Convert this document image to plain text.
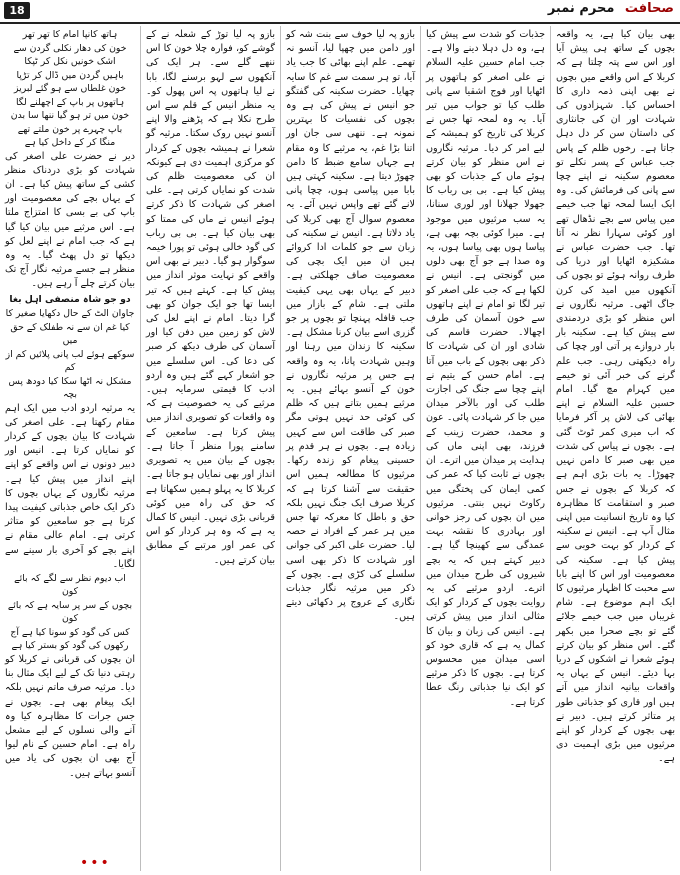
18	صحافت محرم نمبر

بھی بیان کیا ہے، یہ واقعہ بچوں کے ساتھ ہی پیش آیا اور اس سے پتہ چلتا ہے کہ کربلا کے اس واقعے میں بچوں نے بھی اپنی ذمہ داری کا احساس کیا۔ شہزادوں کی شہادت اور ان کی جانثاری کی داستان سن کر دل دہل جاتا ہے۔ رخوں ظلم کے پاس جب عباس کے پسر نکلے تو معصوم سکینہ نے اپنے چچا سے پانی کی فرمائش کی۔ وہ ایک ایسا لمحہ تھا جب خیمے میں پیاس سے بچے نڈھال تھے اور کوئی سہارا نظر نہ آتا تھا۔ جب حضرت عباس نے مشکیزہ اٹھایا اور دریا کی طرف روانہ ہوئے تو بچوں کی آنکھوں میں امید کی کرن جاگ اٹھی۔ مرثیہ نگاروں نے اس منظر کو بڑی دردمندی سے پیش کیا ہے۔ سکینہ بار بار دروازے پر آتی اور چچا کی راہ دیکھتی رہی۔ جب علم گرنے کی خبر آئی تو خیمے میں کہرام مچ گیا۔ امام حسین علیہ السلام نے اپنے بھائی کی لاش پر آکر فرمایا کہ اب میری کمر ٹوٹ گئی ہے۔ بچوں نے پیاس کی شدت میں بھی صبر کا دامن نہیں چھوڑا۔ یہ بات بڑی اہم ہے کہ کربلا کے بچوں نے جس صبر و استقامت کا مظاہرہ کیا وہ تاریخ انسانیت میں اپنی مثال آپ ہے۔ انیس نے سکینہ کے کردار کو بہت خوبی سے پیش کیا ہے۔ سکینہ کی معصومیت اور اس کا اپنے بابا سے محبت کا اظہار مرثیوں کا ایک اہم موضوع ہے۔ شام غریباں میں جب خیمے جلائے گئے تو بچے صحرا میں بکھر گئے۔ اس منظر کو بیان کرتے ہوئے شعرا نے اشکوں کے دریا بہا دیئے۔ انیس کے یہاں یہ واقعات بیانیہ انداز میں آتے ہیں اور قاری کو جذباتی طور پر متاثر کرتے ہیں۔ دبیر نے بھی بچوں کے کردار کو اپنے مرثیوں میں بڑی اہمیت دی ہے۔

جذبات کو شدت سے پیش کیا ہے، وہ دل دہلا دینے والا ہے۔ جب امام حسین علیہ السلام نے علی اصغر کو ہاتھوں پر اٹھایا اور فوج اشقیا سے پانی طلب کیا تو جواب میں تیر آیا۔ یہ وہ لمحہ تھا جس نے کربلا کی تاریخ کو ہمیشہ کے لیے امر کر دیا۔ مرثیہ نگاروں نے اس منظر کو بیان کرتے ہوئے ماں کے جذبات کو بھی پیش کیا ہے۔ بی بی رباب کا جھولا جھلانا اور لوری سنانا، یہ سب مرثیوں میں موجود ہے۔ میرا کوئی بچہ بھی ہے، پیاسا ہوں بھی پیاسا ہوں، یہ وہ صدا ہے جو آج بھی دلوں میں گونجتی ہے۔ انیس نے لکھا ہے کہ جب علی اصغر کو تیر لگا تو امام نے اپنے ہاتھوں سے خون آسمان کی طرف اچھالا۔ حضرت قاسم کی شادی اور ان کی شہادت کا ذکر بھی بچوں کے باب میں آتا ہے۔ امام حسن کے یتیم نے اپنے چچا سے جنگ کی اجازت طلب کی اور بالآخر میدان میں جا کر شہادت پائی۔ عون و محمد، حضرت زینب کے فرزند، بھی اپنی ماں کی ہدایت پر میدان میں اترے۔ ان بچوں نے ثابت کیا کہ عمر کی کمی ایمان کی پختگی میں رکاوٹ نہیں بنتی۔ مرثیوں میں ان بچوں کی رجز خوانی اور بہادری کا نقشہ بہت عمدگی سے کھینچا گیا ہے۔ دبیر کہتے ہیں کہ یہ بچے شیروں کی طرح میدان میں اترے۔ اردو مرثیے کی یہ روایت بچوں کے کردار کو ایک مثالی انداز میں پیش کرتی ہے۔ انیس کی زبان و بیان کا کمال یہ ہے کہ قاری خود کو اسی میدان میں محسوس کرتا ہے۔ بچوں کا ذکر مرثیے کو ایک نیا جذباتی رنگ عطا کرتا ہے۔

بازو پہ لیا خوف سے بنت شہ کو اور دامن میں چھپا لیا، آنسو نہ تھمے۔ علم اپنے بھائی کا جب یاد آیا، تو ہر سمت سے غم کا سایہ چھایا۔ حضرت سکینہ کی گفتگو جو انیس نے پیش کی ہے وہ بچوں کی نفسیات کا بہترین نمونہ ہے۔ ننھی سی جان اور اتنا بڑا غم، یہ مرثیے کا وہ مقام ہے جہاں سامع ضبط کا دامن چھوڑ دیتا ہے۔ سکینہ کہتی ہیں بابا میں پیاسی ہوں، چچا پانی لانے گئے تھے واپس نہیں آئے۔ یہ معصوم سوال آج بھی کربلا کی یاد دلاتا ہے۔ انیس نے سکینہ کی زبان سے جو کلمات ادا کروائے ہیں ان میں ایک بچی کی معصومیت صاف جھلکتی ہے۔ دبیر کے یہاں بھی یہی کیفیت ملتی ہے۔ شام کے بازار میں جب قافلہ پہنچا تو بچوں پر جو گزری اسے بیان کرنا مشکل ہے۔ سکینہ کا زندان میں رہنا اور وہیں شہادت پانا، یہ وہ واقعہ ہے جس پر مرثیہ نگاروں نے خون کے آنسو بہائے ہیں۔ یہ مرثیے ہمیں بتاتے ہیں کہ ظلم کی کوئی حد نہیں ہوتی مگر صبر کی طاقت اس سے کہیں زیادہ ہے۔ بچوں نے ہر قدم پر حسینی پیغام کو زندہ رکھا۔ مرثیوں کا مطالعہ ہمیں اس حقیقت سے آشنا کرتا ہے کہ کربلا صرف ایک جنگ نہیں بلکہ حق و باطل کا معرکہ تھا جس میں ہر عمر کے افراد نے حصہ لیا۔ حضرت علی اکبر کی جوانی اور شہادت کا ذکر بھی اسی سلسلے کی کڑی ہے۔ بچوں کے ذکر میں مرثیہ نگار جذبات نگاری کے عروج پر دکھائی دیتے ہیں۔

بازو پہ لیا توڑ کے شعلہ نے کے گوشے کو، فوارہ چلا خون کا اس ننھے گلے سے۔ ہر ایک کی آنکھوں سے لہو برسنے لگا، بابا نے لیا ہاتھوں پہ اس پھول کو۔ یہ منظر انیس کے قلم سے اس طرح نکلا ہے کہ پڑھنے والا اپنے آنسو نہیں روک سکتا۔ مرثیہ گو شعرا نے ہمیشہ بچوں کے کردار کو مرکزی اہمیت دی ہے کیونکہ ان کی معصومیت ظلم کی شدت کو نمایاں کرتی ہے۔ علی اصغر کی شہادت کا ذکر کرتے ہوئے انیس نے ماں کی ممتا کو بھی بیان کیا ہے۔ بی بی رباب کی گود خالی ہوئی تو پورا خیمہ سوگوار ہو گیا۔ دبیر نے بھی اس واقعے کو نہایت موثر انداز میں پیش کیا ہے۔ کہتے ہیں کہ تیر ایسا تھا جو ایک جوان کو بھی گرا دیتا۔ امام نے اپنے لعل کی لاش کو زمین میں دفن کیا اور آسمان کی طرف دیکھ کر صبر کی دعا کی۔ اس سلسلے میں جو اشعار کہے گئے ہیں وہ اردو ادب کا قیمتی سرمایہ ہیں۔ مرثیے کی یہ خصوصیت ہے کہ وہ واقعات کو تصویری انداز میں پیش کرتا ہے۔ سامعین کے سامنے پورا منظر آ جاتا ہے۔ بچوں کے بیان میں یہ تصویری انداز اور بھی نمایاں ہو جاتا ہے۔ کربلا کا یہ پہلو ہمیں سکھاتا ہے کہ حق کی راہ میں کوئی قربانی بڑی نہیں۔ انیس کا کمال یہ ہے کہ وہ ہر کردار کو اس کی عمر اور مرتبے کے مطابق بیان کرتے ہیں۔

ہاتھ کانپا امام کا تھر تھر

خون کی دھار نکلی گردن سے

اشک خونیں نکل کر ٹپکا

باہیں گردن میں ڈال کر تڑپا

خون غلطاں سے ہو گئے لبریز

ہاتھوں پر باپ کے اچھلنے لگا

خون میں تر ہو گیا ننھا سا بدن

باپ چہرے پر خون ملتے تھے

منگا کر کے داخل کیا ہے

دیر نے حضرت علی اصغر کی شہادت کو بڑی دردناک منظر کشی کے ساتھ پیش کیا ہے۔ ان کے یہاں بچے کی معصومیت اور باپ کی بے بسی کا امتزاج ملتا ہے۔ اس مرثیے میں بیان کیا گیا ہے کہ جب امام نے اپنے لعل کو دیکھا تو دل پھٹ گیا۔ یہ وہ منظر ہے جسے مرثیہ نگار آج تک بیان کرتے چلے آ رہے ہیں۔

دو جو شاہ منصفی اہل بغا

جاوان الٹ کے حال دکھایا صغیر کا

کیا غم ان سے نہ طفلک کے حق میں

سوکھے ہوئے لب پانی پلائیں کم از کم

مشکل نہ اٹھا سکا کیا دودھ پس بچہ

یہ مرثیہ اردو ادب میں ایک اہم مقام رکھتا ہے۔ علی اصغر کی شہادت کا بیان بچوں کے کردار کو نمایاں کرتا ہے۔ انیس اور دبیر دونوں نے اس واقعے کو اپنے اپنے انداز میں پیش کیا ہے۔ مرثیہ نگاروں کے یہاں بچوں کا ذکر ایک خاص جذباتی کیفیت پیدا کرتا ہے جو سامعین کو متاثر کرتی ہے۔ امام عالی مقام نے اپنے بچے کو آخری بار سینے سے لگایا۔

اب دیوم نظر سے لگے کہ بائے کون

بچوں کے سر پر سایہ ہے کہ بائے کون

کس کی گود کو سونا کیا ہے آج

رکھوں کی گود کو بستر کیا ہے

ان بچوں کی قربانی نے کربلا کو رہتی دنیا تک کے لیے ایک مثال بنا دیا۔ مرثیہ صرف ماتم نہیں بلکہ ایک پیغام بھی ہے۔ بچوں نے جس جرات کا مظاہرہ کیا وہ آنے والی نسلوں کے لیے مشعل راہ ہے۔ امام حسین کے نام لیوا آج بھی ان بچوں کی یاد میں آنسو بہاتے ہیں۔

•••
